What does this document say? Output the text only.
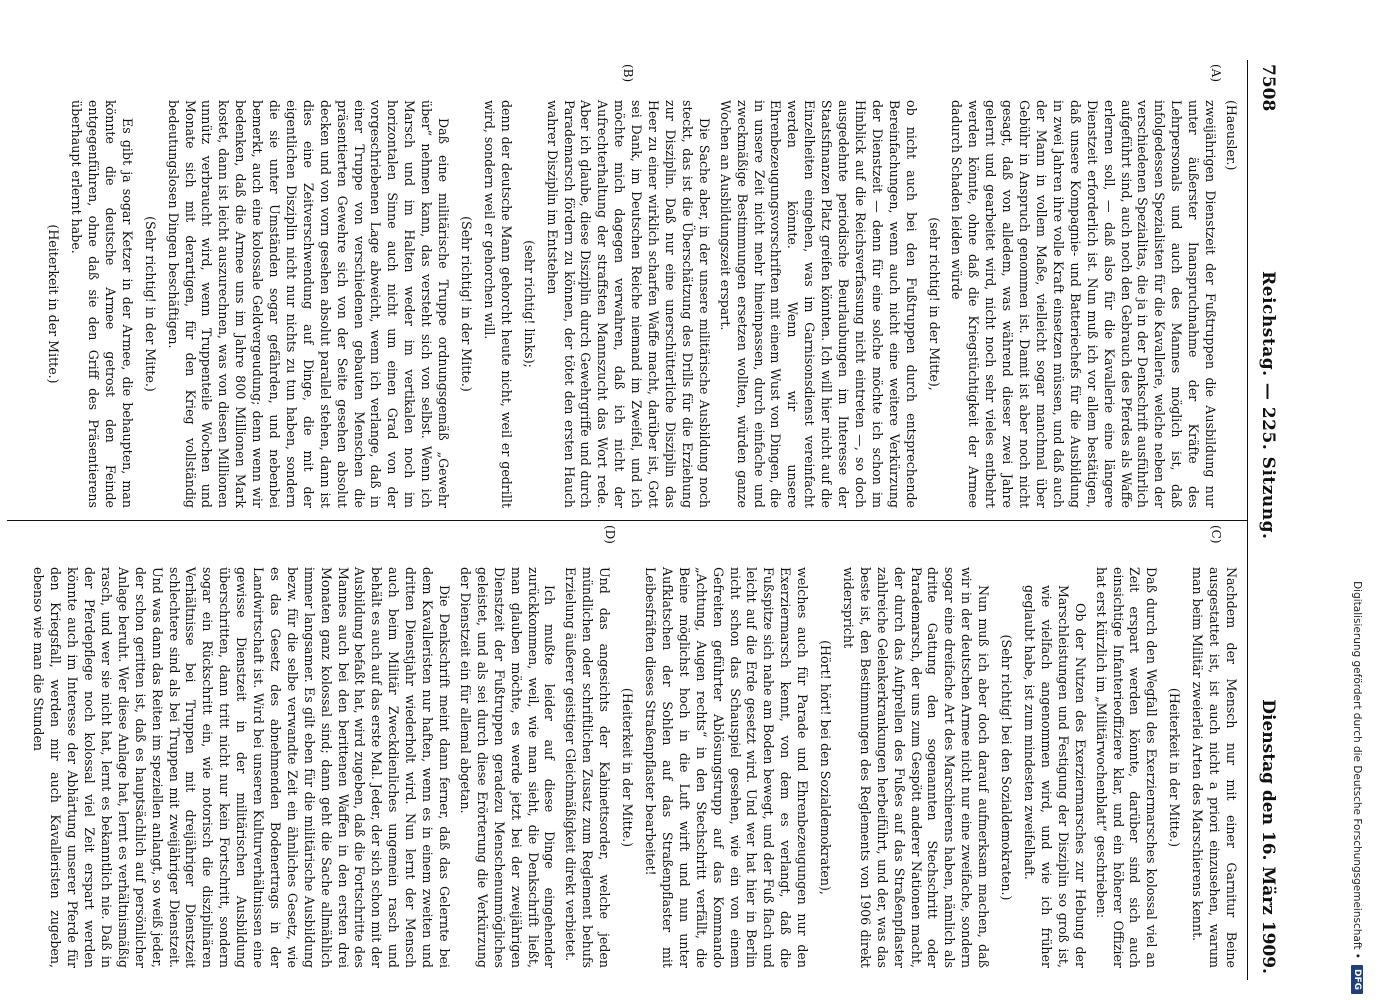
7508
Reichstag. — 225. Sitzung.
Dienstag den 16. März 1909.
(A)
(B)

(Haeusler.)

zweijährigen Dienstzeit der Fußtruppen die Ausbildung nur unter äußerster Inanspruchnahme der Kräfte des Lehrpersonals und auch des Mannes möglich ist, daß infolgedessen Spezialisten für die Kavallerie, welche neben der verschiedenen Spezialitas, die ja in der Denkschrift ausführlich aufgeführt sind, auch noch den Gebrauch des Pferdes als Waffe erlernen soll, — daß also für die Kavallerie eine längere Dienstzeit erforderlich ist. Nun muß ich vor allem bestätigen, daß unsere Kompagnie- und Batteriechefs für die Ausbildung in zwei Jahren ihre volle Kraft einsetzen müssen, und daß auch der Mann in vollem Maße, vielleicht sogar manchmal über Gebühr in Anspruch genommen ist. Damit ist aber noch nicht gesagt, daß von alledem, was während dieser zwei Jahre gelernt und gearbeitet wird, nicht noch sehr vieles entbehrt werden könnte, ohne daß die Kriegstüchtigkeit der Armee dadurch Schaden leiden würde

(sehr richtig! in der Mitte),

ob nicht auch bei den Fußtruppen durch entsprechende Bereinfachungen, wenn auch nicht eine weitere Verkürzung der Dienstzeit — denn für eine solche möchte ich schon im Hinblick auf die Reichsverfassung nicht eintreten —, so doch ausgedehnte periodische Beurlaubungen im Interesse der Staatsfinanzen Platz greifen könnten. Ich will hier nicht auf die Einzelheiten eingehen, was im Garnisonsdienst vereinfacht werden könnte. Wenn wir unsere Ehrenbezeugungsvorschriften mit einem Wust von Dingen, die in unsere Zeit nicht mehr hineinpassen, durch einfache und zweckmäßige Bestimmungen ersetzen wollten, würden ganze Wochen an Ausbildungszeit erspart.

Die Sache aber, in der unsere militärische Ausbildung noch steckt, das ist die Überschätzung des Drills für die Erziehung zur Disziplin. Daß nur eine unerschütterliche Disziplin das Heer zu einer wirklich scharfen Waffe macht, darüber ist, Gott sei Dank, im Deutschen Reiche niemand im Zweifel, und ich möchte mich dagegen verwahren, daß ich nicht der Aufrechterhaltung der straffsten Mannszucht das Wort rede. Aber ich glaube, diese Disziplin durch Gewehrgriffe und durch Parademarsch fördern zu können, der tötet den ersten Hauch wahrer Disziplin im Entstehen

(sehr richtig! links);

denn der deutsche Mann gehorcht heute nicht, weil er gedrillt wird, sondern weil er gehorchen will.

(Sehr richtig! in der Mitte.)

Daß eine militärische Truppe ordnungsgemäß „Gewehr über“ nehmen kann, das versteht sich von selbst. Wenn ich Marsch und im Halten weder im vertikalen noch im horizontalen Sinne auch nicht um einen Grad von der vorgeschriebenen Lage abweicht, wenn ich verlange, daß in einer Truppe von verschiedenen gebauten Menschen die präsentierten Gewehre sich von der Seite gesehen absolut decken und von vorn gesehen absolut parallel stehen, dann ist dies eine Zeitverschwendung auf Dinge, die mit der eigentlichen Disziplin nicht nur nichts zu tun haben, sondern die sie unter Umständen sogar gefährden, und nebenbei bemerkt, auch eine kolossale Geldvergeudung; denn wenn wir bedenken, daß die Armee uns im Jahre 800 Millionen Mark kostet, dann ist leicht auszurechnen, was von diesen Millionen unnütz verbraucht wird, wenn Truppenteile Wochen und Monate sich mit derartigen, für den Krieg vollständig bedeutungslosen Dingen beschäftigen.

(Sehr richtig! in der Mitte.)

Es gibt ja sogar Ketzer in der Armee, die behaupten, man könnte die deutsche Armee getrost den Feinde entgegenführen, ohne daß sie den Griff des Präsentierens überhaupt erlernt habe.

(Heiterkeit in der Mitte.)

(C)
(D)

Nachdem der Mensch nur mit einer Garnitur Beine ausgestattet ist, ist auch nicht a priori einzusehen, warum man beim Militär zweierlei Arten des Marschierens kennt.

(Heiterkeit in der Mitte.)

Daß durch den Wegfall des Exerziermarsches kolossal viel an Zeit erspart werden könnte, darüber sind sich auch einsichtige Infanterieoffiziere klar, und ein höherer Offizier hat erst kürzlich im „Militärwochenblatt“ geschrieben:

Ob der Nutzen des Exerziermarsches zur Hebung der Marschleistungen und Festigung der Disziplin so groß ist, wie vielfach angenommen wird, und wie ich früher geglaubt habe, ist zum mindesten zweifelhaft.

(Sehr richtig! bei den Sozialdemokraten.)

Nun muß ich aber doch darauf aufmerksam machen, daß wir in der deutschen Armee nicht nur eine zweifache, sondern sogar eine dreifache Art des Marschierens haben, nämlich als dritte Gattung den sogenannten Stechschritt oder Parademarsch, der uns zum Gespött anderer Nationen macht, der durch das Aufprellen des Fußes auf das Straßenpflaster zahlreiche Gelenkerkrankungen herbeiführt, und der, was das beste ist, den Bestimmungen des Reglements von 1906 direkt widerspricht

(Hört! hört! bei den Sozialdemokraten),

welches auch für Parade und Ehrenbezeugungen nur den Exerziermarsch kennt, von dem es verlangt, daß die Fußspitze sich nahe am Boden bewegt, und der Fuß flach und leicht auf die Erde gesetzt wird. Und wer hat hier in Berlin nicht schon das Schauspiel gesehen, wie ein von einem Gefreiten geführter Ablösungstrupp auf das Kommando „Achtung, Augen rechts“ in den Stechschritt verfällt, die Beine möglichst hoch in die Luft wirft und nun unter Aufklatschen der Sohlen auf das Straßenpflaster mit Leibesfräften dieses Straßenpflaster bearbeitet!

(Heiterkeit in der Mitte.)

Und das angesichts der Kabinettsorder, welche jeden mündlichen oder schriftlichen Zusatz zum Reglement behufs Erzielung äußerer geistiger Gleichmäßigkeit direkt verbietet.

Ich mußte leider auf diese Dinge eingehender zurückkommen, weil, wie man sieht, die Denkschrift ließt, man glauben möchte, es werde jetzt bei der zweijährigen Dienstzeit der Fußtruppen geradezu Menschenunmögliches geleistet, und als sei durch diese Erörterung die Verkürzung der Dienstzeit ein für allemal abgetan.

Die Denkschrift meint dann ferner, daß das Gelernte bei dem Kavalleristen nur haften, wenn es in einem zweiten und dritten Dienstjahr wiederholt wird. Nun lernt der Mensch auch beim Militär Zweckdienliches ungemein rasch und behält es auch auf das erste Mal. Jeder, der sich schon mit der Ausbildung befaßt hat, wird zugeben, daß die Fortschritte des Mannes auch bei den berittenen Waffen in den ersten drei Monaten ganz kolossal sind; dann geht die Sache allmählich immer langsamer. Es gilt eben für die militärische Ausbildung bezw. für die selbe verwandte Zeit ein ähnliches Gesetz, wie es das Gesetz des abnehmenden Bodenertrags in der Landwirtschaft ist. Wird bei unseren Kulturverhältnissen eine gewisse Dienstzeit in der militärischen Ausbildung überschritten, dann tritt nicht nur kein Fortschritt, sondern sogar ein Rückschritt ein, wie notorisch die disziplinären Verhältnisse bei Truppen mit dreijähriger Dienstzeit schlechtere sind als bei Truppen mit zweijähriger Dienstzeit. Und was dann das Reiten im speziellen anlangt, so weiß jeder, der schon geritten ist, daß es hauptsächlich auf persönlicher Anlage beruht. Wer diese Anlage hat, lernt es verhältnismäßig rasch, und wer sie nicht hat, lernt es bekanntlich nie. Daß in der Pferdepflege noch kolossal viel Zeit erspart werden könnte auch im Interesse der Abhärtung unserer Pferde für den Kriegsfall, werden mir auch Kavalleristen zugeben, ebenso wie man die Stunden	Digitalisierung gefördert durch die Deutsche Forschungsgemeinschaft •
DFG
